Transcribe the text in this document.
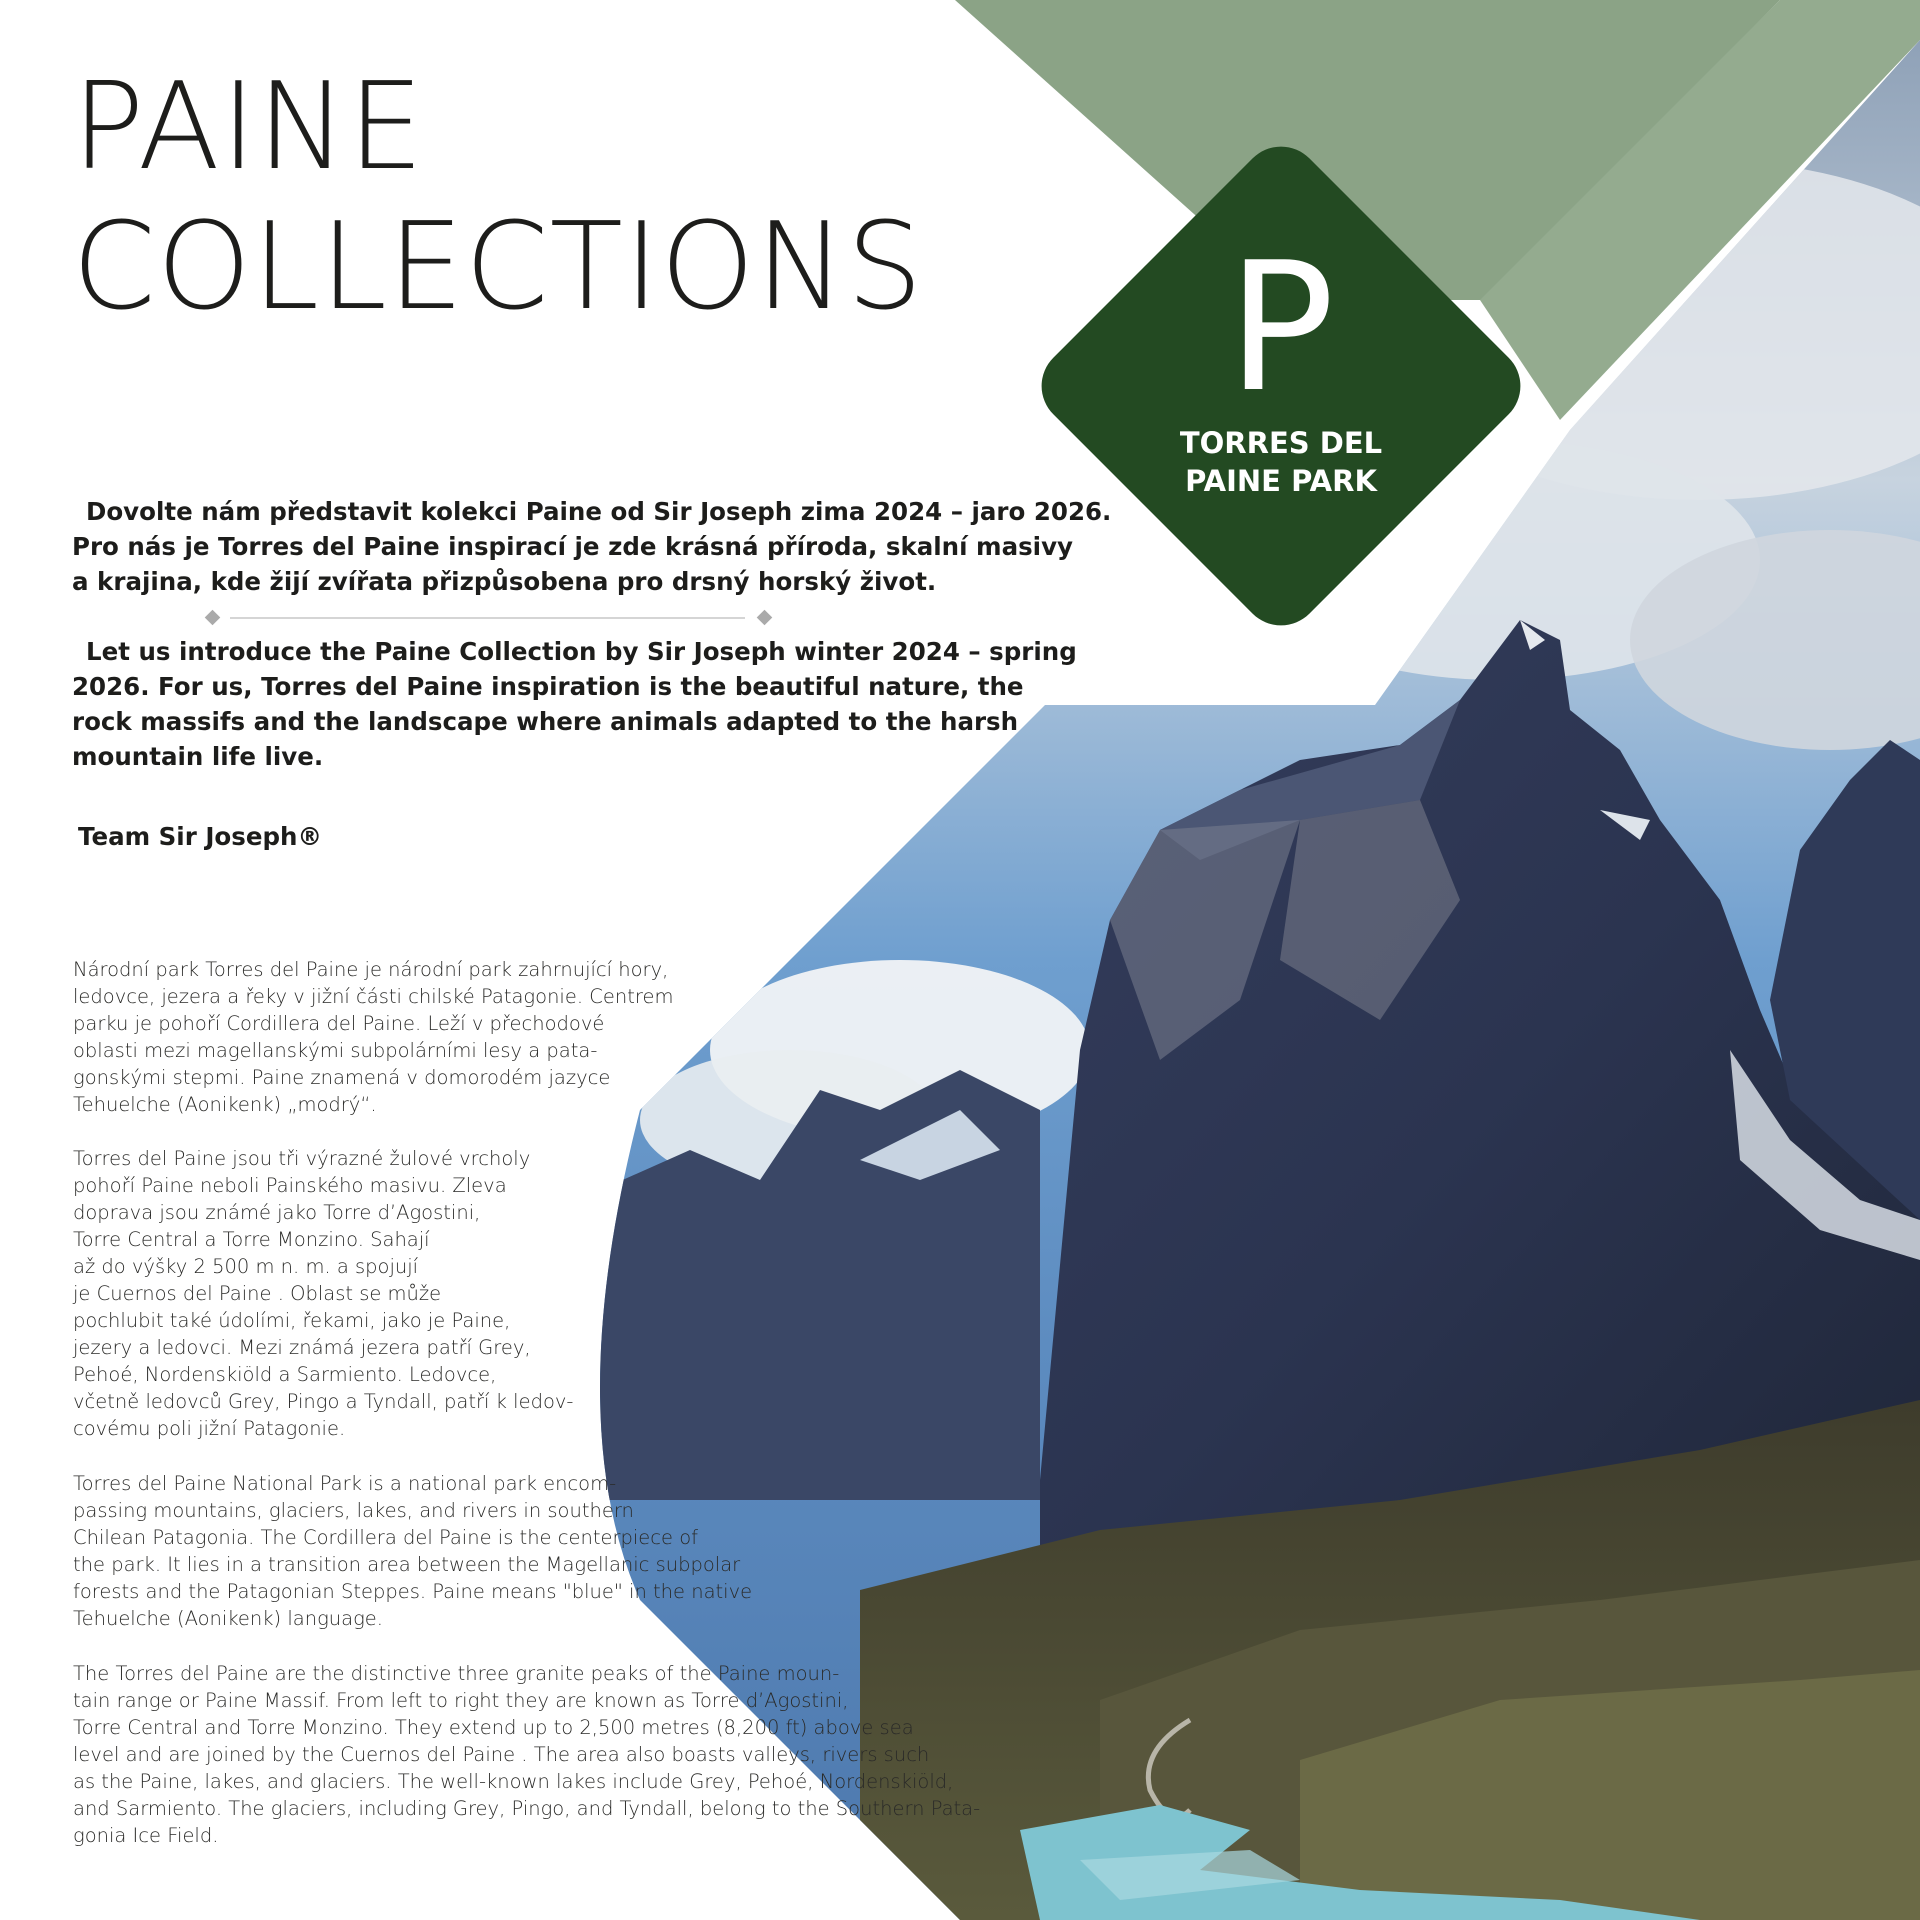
PAINE
COLLECTIONS P
TORRES DEL
PAINE PARK

Dovolte nám představit kolekci Paine od Sir Joseph zima 2024 – jaro 2026.
Pro nás je Torres del Paine inspirací je zde krásná příroda, skalní masivy
a krajina, kde žijí zvířata přizpůsobena pro drsný horský život.

Let us introduce the Paine Collection by Sir Joseph winter 2024 – spring
2026. For us, Torres del Paine inspiration is the beautiful nature, the
rock massifs and the landscape where animals adapted to the harsh
mountain life live.

Team Sir Joseph®

Národní park Torres del Paine je národní park zahrnující hory,
ledovce, jezera a řeky v jižní části chilské Patagonie. Centrem
parku je pohoří Cordillera del Paine. Leží v přechodové
oblasti mezi magellanskými subpolárními lesy a pata-
gonskými stepmi. Paine znamená v domorodém jazyce
Tehuelche (Aonikenk) „modrý“.

Torres del Paine jsou tři výrazné žulové vrcholy
pohoří Paine neboli Painského masivu. Zleva
doprava jsou známé jako Torre d’Agostini,
Torre Central a Torre Monzino. Sahají
až do výšky 2 500 m n. m. a spojují
je Cuernos del Paine . Oblast se může
pochlubit také údolími, řekami, jako je Paine,
jezery a ledovci. Mezi známá jezera patří Grey,
Pehoé, Nordenskiöld a Sarmiento. Ledovce,
včetně ledovců Grey, Pingo a Tyndall, patří k ledov-
covému poli jižní Patagonie.

Torres del Paine National Park is a national park encom-
passing mountains, glaciers, lakes, and rivers in southern
Chilean Patagonia. The Cordillera del Paine is the centerpiece of
the park. It lies in a transition area between the Magellanic subpolar
forests and the Patagonian Steppes. Paine means "blue" in the native
Tehuelche (Aonikenk) language.

The Torres del Paine are the distinctive three granite peaks of the Paine moun-
tain range or Paine Massif. From left to right they are known as Torre d’Agostini,
Torre Central and Torre Monzino. They extend up to 2,500 metres (8,200 ft) above sea
level and are joined by the Cuernos del Paine . The area also boasts valleys, rivers such
as the Paine, lakes, and glaciers. The well-known lakes include Grey, Pehoé, Nordenskiöld,
and Sarmiento. The glaciers, including Grey, Pingo, and Tyndall, belong to the Southern Pata-
gonia Ice Field.
